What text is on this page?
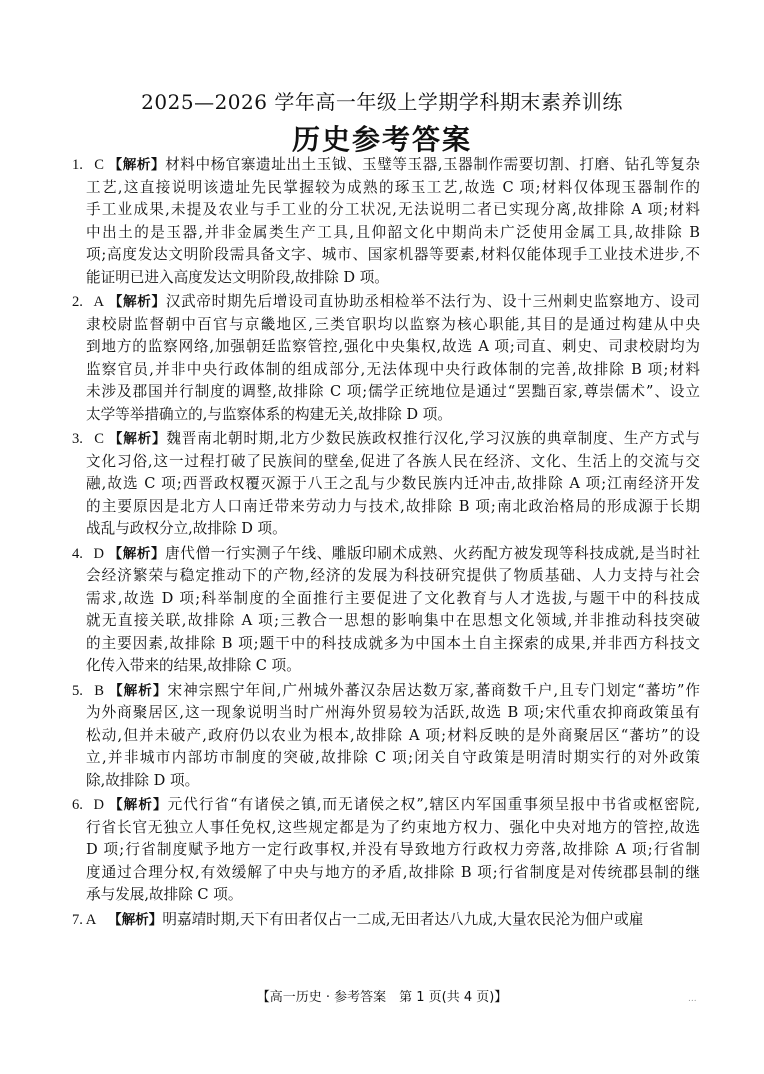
2025—2026 学年高一年级上学期学科期末素养训练
历史参考答案
1. C 【解析】材料中杨官寨遗址出土玉钺、玉璧等玉器,玉器制作需要切割、打磨、钻孔等复杂
工艺,这直接说明该遗址先民掌握较为成熟的琢玉工艺,故选 C 项;材料仅体现玉器制作的
手工业成果,未提及农业与手工业的分工状况,无法说明二者已实现分离,故排除 A 项;材料
中出土的是玉器,并非金属类生产工具,且仰韶文化中期尚未广泛使用金属工具,故排除 B
项;高度发达文明阶段需具备文字、城市、国家机器等要素,材料仅能体现手工业技术进步,不
能证明已进入高度发达文明阶段,故排除 D 项。
2. A 【解析】汉武帝时期先后增设司直协助丞相检举不法行为、设十三州刺史监察地方、设司
隶校尉监督朝中百官与京畿地区,三类官职均以监察为核心职能,其目的是通过构建从中央
到地方的监察网络,加强朝廷监察管控,强化中央集权,故选 A 项;司直、刺史、司隶校尉均为
监察官员,并非中央行政体制的组成部分,无法体现中央行政体制的完善,故排除 B 项;材料
未涉及郡国并行制度的调整,故排除 C 项;儒学正统地位是通过“罢黜百家,尊崇儒术”、设立
太学等举措确立的,与监察体系的构建无关,故排除 D 项。
3. C 【解析】魏晋南北朝时期,北方少数民族政权推行汉化,学习汉族的典章制度、生产方式与
文化习俗,这一过程打破了民族间的壁垒,促进了各族人民在经济、文化、生活上的交流与交
融,故选 C 项;西晋政权覆灭源于八王之乱与少数民族内迁冲击,故排除 A 项;江南经济开发
的主要原因是北方人口南迁带来劳动力与技术,故排除 B 项;南北政治格局的形成源于长期
战乱与政权分立,故排除 D 项。
4. D 【解析】唐代僧一行实测子午线、雕版印刷术成熟、火药配方被发现等科技成就,是当时社
会经济繁荣与稳定推动下的产物,经济的发展为科技研究提供了物质基础、人力支持与社会
需求,故选 D 项;科举制度的全面推行主要促进了文化教育与人才选拔,与题干中的科技成
就无直接关联,故排除 A 项;三教合一思想的影响集中在思想文化领域,并非推动科技突破
的主要因素,故排除 B 项;题干中的科技成就多为中国本土自主探索的成果,并非西方科技文
化传入带来的结果,故排除 C 项。
5. B 【解析】宋神宗熙宁年间,广州城外蕃汉杂居达数万家,蕃商数千户,且专门划定“蕃坊”作
为外商聚居区,这一现象说明当时广州海外贸易较为活跃,故选 B 项;宋代重农抑商政策虽有
松动,但并未破产,政府仍以农业为根本,故排除 A 项;材料反映的是外商聚居区“蕃坊”的设
立,并非城市内部坊市制度的突破,故排除 C 项;闭关自守政策是明清时期实行的对外政策
除,故排除 D 项。
6. D 【解析】元代行省“有诸侯之镇,而无诸侯之权”,辖区内军国重事须呈报中书省或枢密院,
行省长官无独立人事任免权,这些规定都是为了约束地方权力、强化中央对地方的管控,故选
D 项;行省制度赋予地方一定行政事权,并没有导致地方行政权力旁落,故排除 A 项;行省制
度通过合理分权,有效缓解了中央与地方的矛盾,故排除 B 项;行省制度是对传统郡县制的继
承与发展,故排除 C 项。
7. A 【解析】明嘉靖时期,天下有田者仅占一二成,无田者达八九成,大量农民沦为佃户或雇
【高一历史 · 参考答案　第 1 页(共 4 页)】	...
